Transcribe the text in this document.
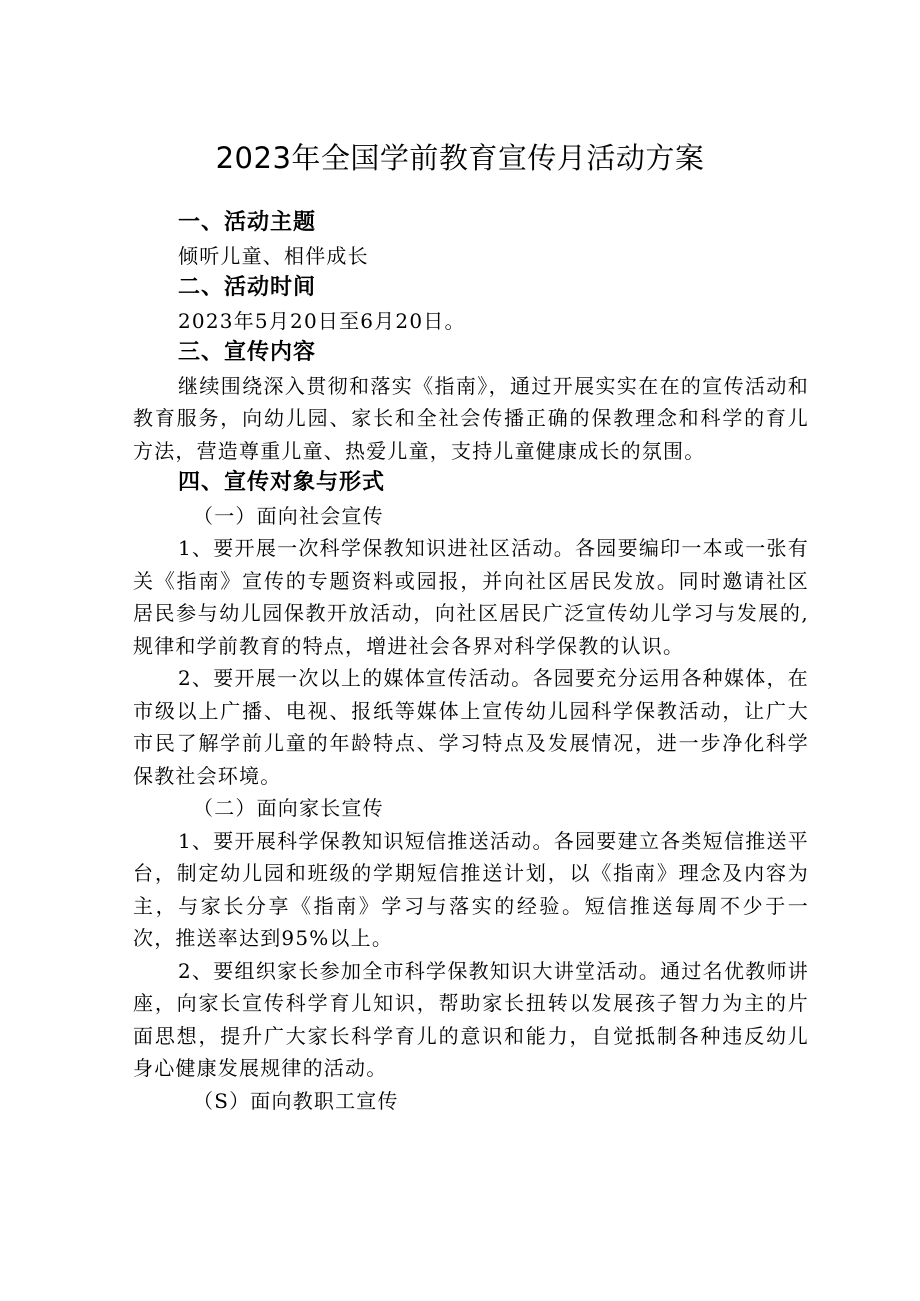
2023年全国学前教育宣传月活动方案

一、活动主题

倾听儿童、相伴成长

二、活动时间

2023年5月20日至6月20日。

三、宣传内容

继续围绕深入贯彻和落实《指南》，通过开展实实在在的宣传活动和教育服务，向幼儿园、家长和全社会传播正确的保教理念和科学的育儿方法，营造尊重儿童、热爱儿童，支持儿童健康成长的氛围。

四、宣传对象与形式

（一）面向社会宣传

1、要开展一次科学保教知识进社区活动。各园要编印一本或一张有关《指南》宣传的专题资料或园报，并向社区居民发放。同时邀请社区居民参与幼儿园保教开放活动，向社区居民广泛宣传幼儿学习与发展的,规律和学前教育的特点，增进社会各界对科学保教的认识。

2、要开展一次以上的媒体宣传活动。各园要充分运用各种媒体，在市级以上广播、电视、报纸等媒体上宣传幼儿园科学保教活动，让广大市民了解学前儿童的年龄特点、学习特点及发展情况，进一步净化科学保教社会环境。

（二）面向家长宣传

1、要开展科学保教知识短信推送活动。各园要建立各类短信推送平台，制定幼儿园和班级的学期短信推送计划，以《指南》理念及内容为主，与家长分享《指南》学习与落实的经验。短信推送每周不少于一次，推送率达到95%以上。

2、要组织家长参加全市科学保教知识大讲堂活动。通过名优教师讲座，向家长宣传科学育儿知识，帮助家长扭转以发展孩子智力为主的片面思想，提升广大家长科学育儿的意识和能力，自觉抵制各种违反幼儿身心健康发展规律的活动。

（S）面向教职工宣传
